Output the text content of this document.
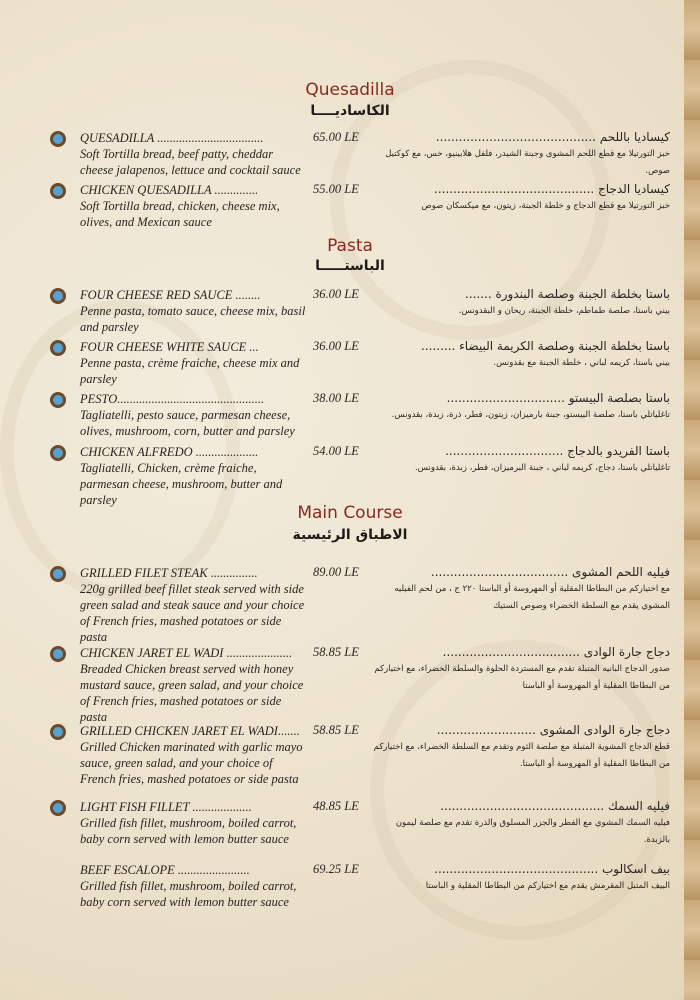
Quesadilla
الكاساديــــا
QUESADILLA ..................................
Soft Tortilla bread, beef patty, cheddar cheese jalapenos, lettuce and cocktail sauce
65.00 LE	كيساديا باللحم ..........................................
خبز التورتيلا مع قطع اللحم المشوى وجبنة الشيدر، فلفل هلابينيو، خس، مع كوكتيل صوص.
CHICKEN QUESADILLA ..............
Soft Tortilla bread, chicken, cheese mix, olives, and Mexican sauce
55.00 LE	كيساديا الدجاج ..........................................
خبز التورتيلا مع قطع الدجاج و خلطة الجبنة، زيتون، مع ميكسكان صوص
Pasta
الباستـــــا
FOUR CHEESE RED SAUCE ........
Penne pasta, tomato sauce, cheese mix, basil and parsley
36.00 LE	باستا بخلطة الجبنة وصلصة البندورة .......
بيني باستا، صلصة طماطم، خلطة الجبنة، ريحان و البقدونس.
FOUR CHEESE WHITE SAUCE ...
Penne pasta, crème fraiche, cheese mix and parsley
36.00 LE	باستا بخلطة الجبنة وصلصة الكريمة البيضاء .........
بيني باستا، كريمه لباني ، خلطة الجبنة مع بقدونس.
PESTO...............................................
Tagliatelli, pesto sauce, parmesan cheese, olives, mushroom, corn, butter and parsley
38.00 LE	باستا بصلصة البيستو ...............................
تاغلياتلي باستا، صلصة البيستو، جبنة بارميزان، زيتون، فطر، ذرة، زبدة، بقدونس.
CHICKEN ALFREDO ....................
Tagliatelli, Chicken, crème fraiche, parmesan cheese, mushroom, butter and parsley
54.00 LE	باستا الفريدو بالدجاج ...............................
تاغلياتلي باستا، دجاج، كريمه لباني ، جبنة البرميزان، فطر، زبدة، بقدونس.
Main Course
الاطباق الرئيسية
GRILLED FILET STEAK ...............
220g grilled beef fillet steak served with side green salad and steak sauce and your choice of French fries, mashed potatoes or side pasta
89.00 LE	فيليه اللحم المشوى ....................................
مع اختياركم من البطاطا المقلية أو المهروسة أو الباستا ٢٢٠ ج ، من لحم الفيليه المشوي يقدم مع السلطة الخضراء وصوص الستيك
CHICKEN JARET EL WADI .....................
Breaded Chicken breast served with honey mustard sauce, green salad, and your choice of French fries, mashed potatoes or side pasta
58.85 LE	دجاج جارة الوادى ....................................
صدور الدجاج البانيه المتبلة تقدم مع المستردة الحلوة والسلطة الخضراء، مع اختياركم من البطاطا المقلية أو المهروسة أو الباستا
GRILLED CHICKEN JARET EL WADI.......
Grilled Chicken marinated with garlic mayo sauce, green salad, and your choice of French fries, mashed potatoes or side pasta
58.85 LE	دجاج جارة الوادى المشوى ..........................
قطع الدجاج المشوية المتبلة مع صلصة الثوم وتقدم مع السلطة الخضراء، مع اختياركم من البطاطا المقلية أو المهروسة أو الباستا.
LIGHT FISH FILLET ...................
Grilled fish fillet, mushroom, boiled carrot, baby corn served with lemon butter sauce
48.85 LE	فيليه السمك ...........................................
فيليه السمك المشوي مع الفطر والجزر المسلوق والذرة تقدم مع صلصة ليمون بالزبدة.
BEEF ESCALOPE .......................
Grilled fish fillet, mushroom, boiled carrot, baby corn served with lemon butter sauce
69.25 LE	بيف اسكالوب ...........................................
البيف المتبل المقرمش يقدم مع اختياركم من البطاطا المقلية و الباستا
